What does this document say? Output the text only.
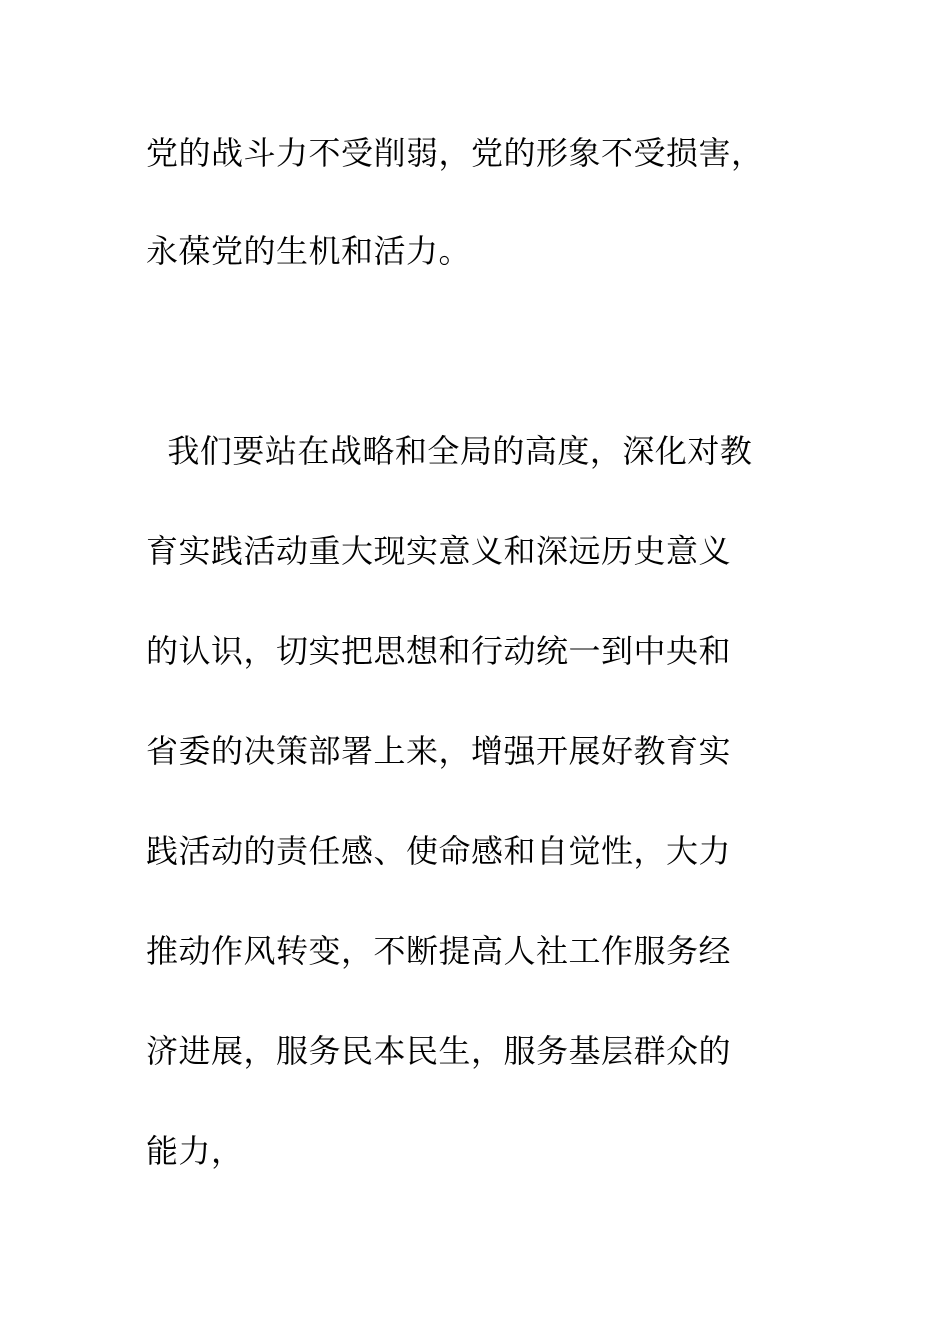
党的战斗力不受削弱，党的形象不受损害，
永葆党的生机和活力。
我们要站在战略和全局的高度，深化对教
育实践活动重大现实意义和深远历史意义
的认识，切实把思想和行动统一到中央和
省委的决策部署上来，增强开展好教育实
践活动的责任感、使命感和自觉性，大力
推动作风转变，不断提高人社工作服务经
济进展，服务民本民生，服务基层群众的
能力，
